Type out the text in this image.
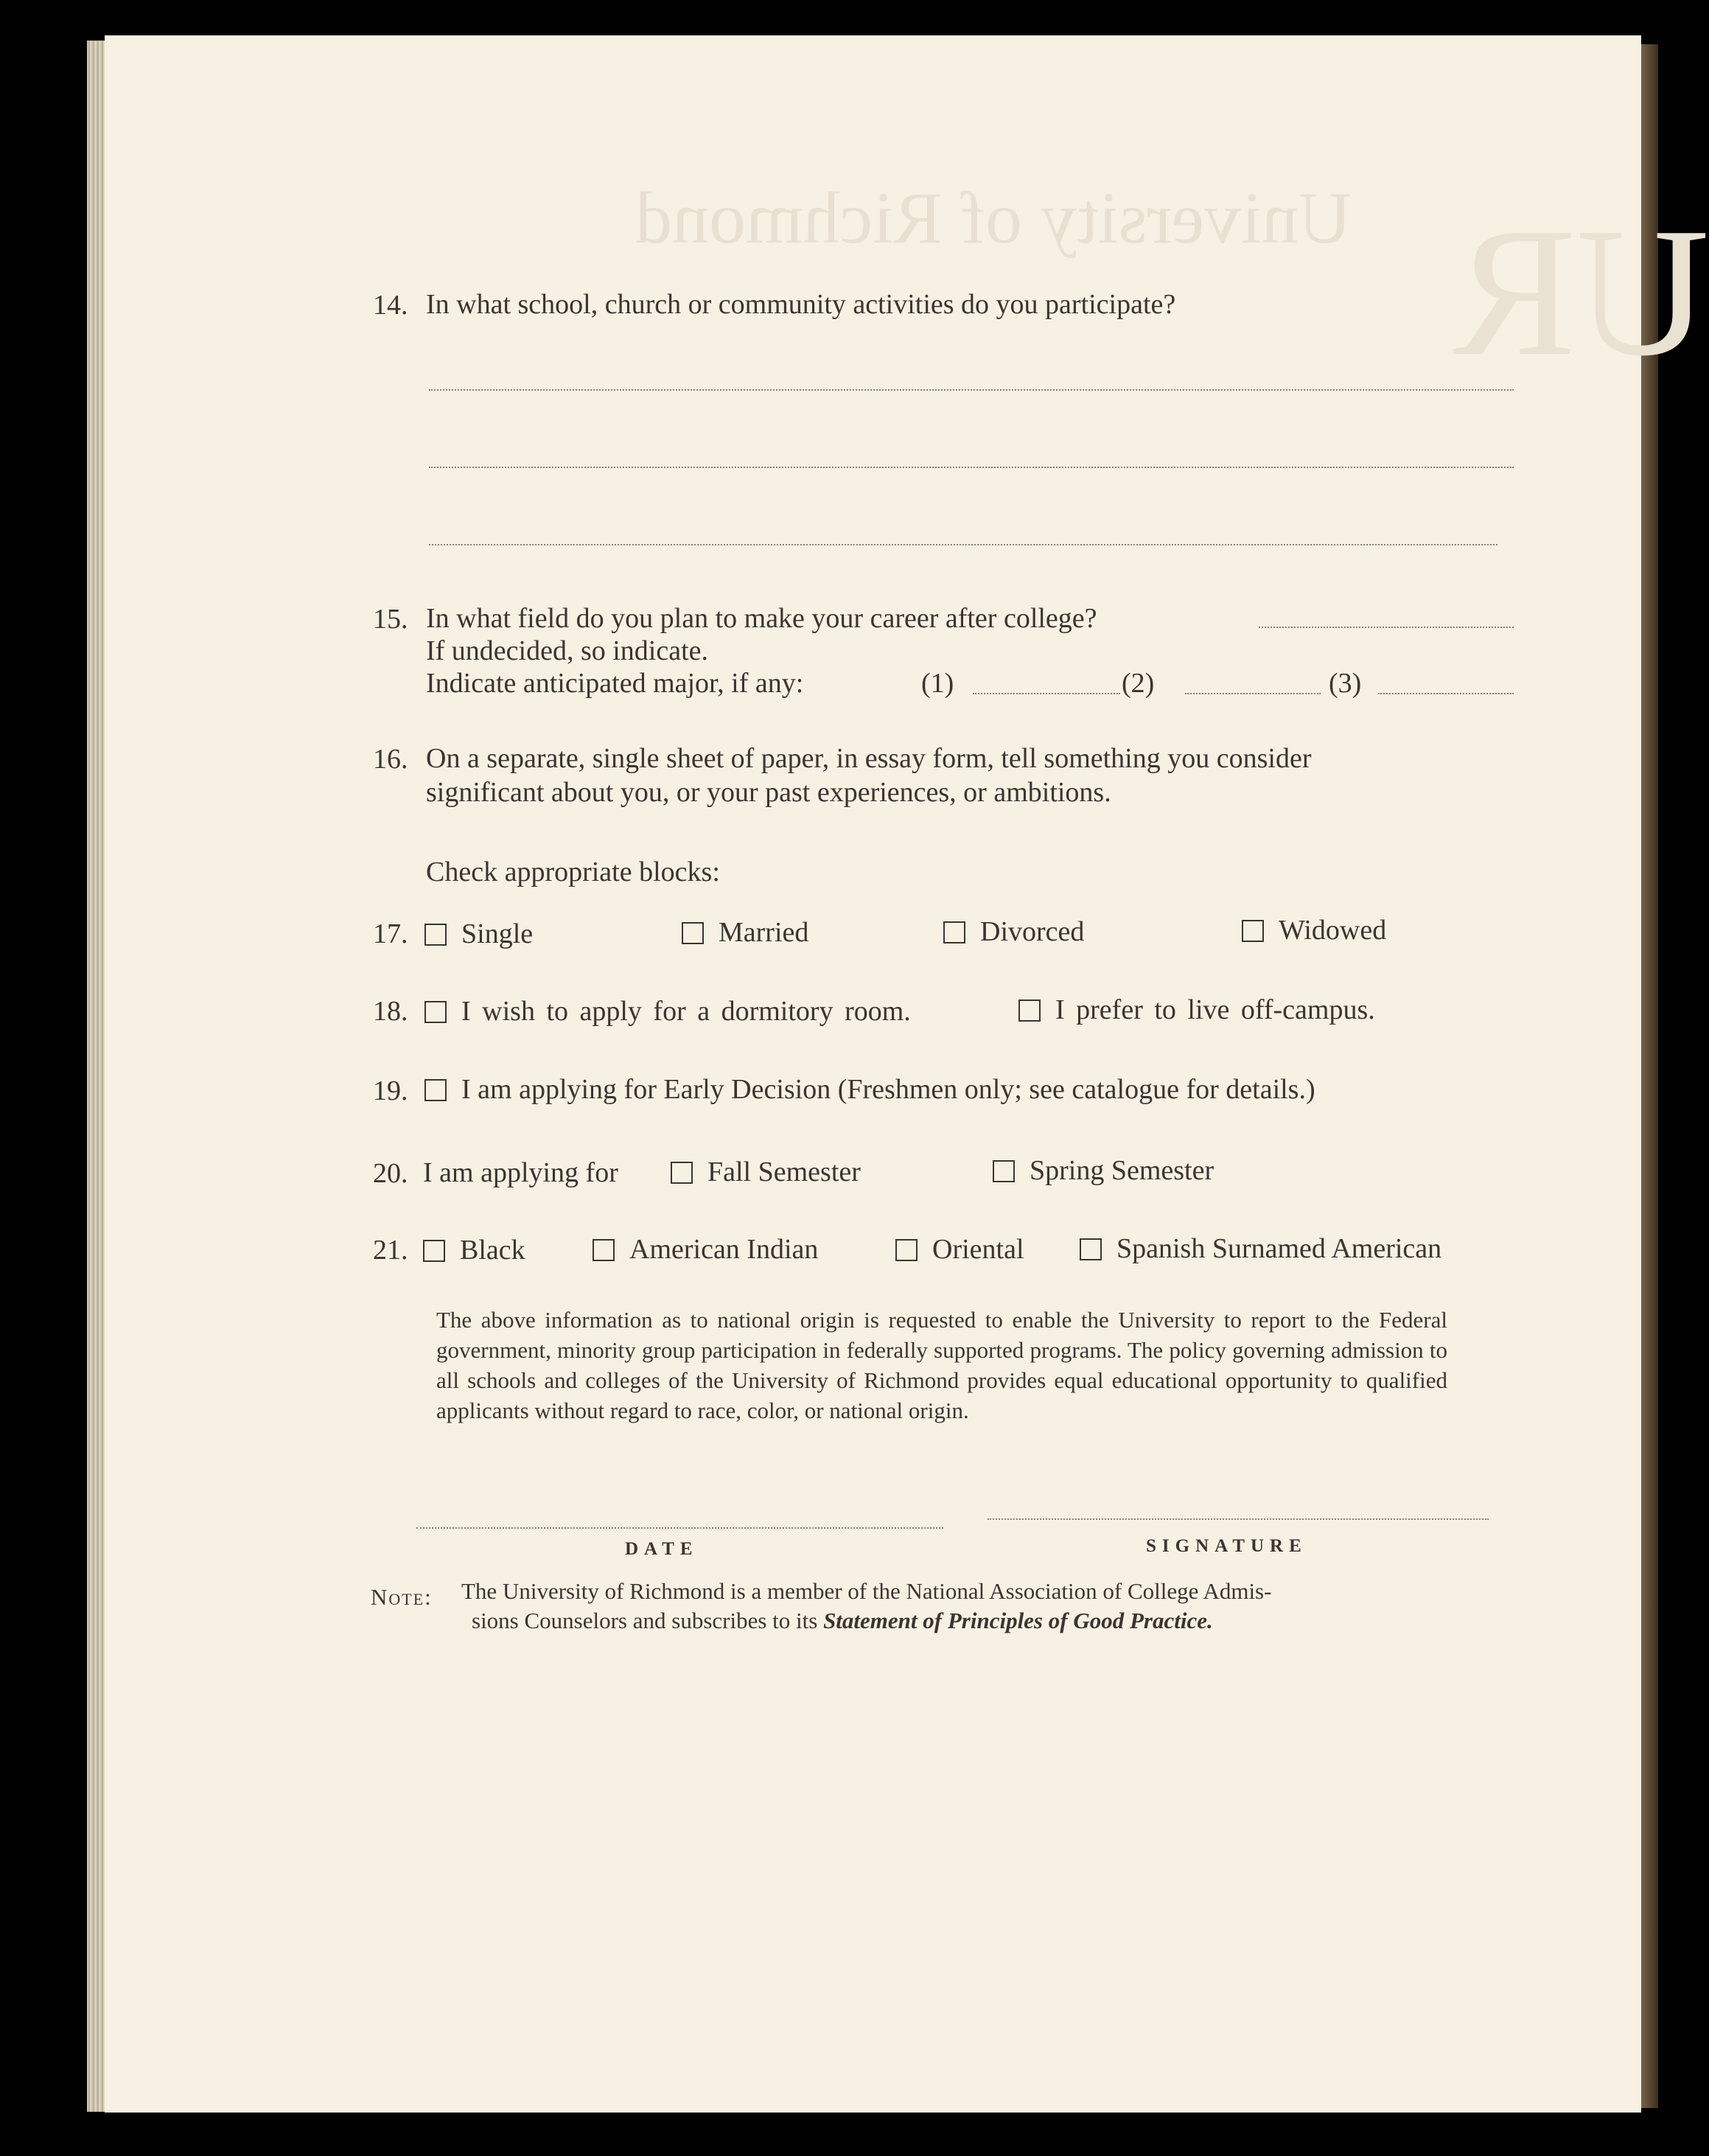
University of Richmond UR
14. In what school, church or community activities do you participate?
15. In what field do you plan to make your career after college?
If undecided, so indicate.
Indicate anticipated major, if any:	(1)	(2)	(3)
16. On a separate, single sheet of paper, in essay form, tell something you consider
significant about you, or your past experiences, or ambitions.
Check appropriate blocks:
17.	Single	Married	Divorced	Widowed
18.	I wish to apply for a dormitory room.	I prefer to live off-campus.
19.	I am applying for Early Decision (Freshmen only; see catalogue for details.)
20. I am applying for	Fall Semester	Spring Semester
21.	Black	American Indian	Oriental	Spanish Surnamed American
The above information as to national origin is requested to enable the University to report to the Federal government, minority group participation in federally supported programs. The policy governing admission to all schools and colleges of the University of Richmond provides equal educational opportunity to qualified applicants without regard to race, color, or national origin.
DATE	SIGNATURE
Note: The University of Richmond is a member of the National Association of College Admis-
sions Counselors and subscribes to its Statement of Principles of Good Practice.
